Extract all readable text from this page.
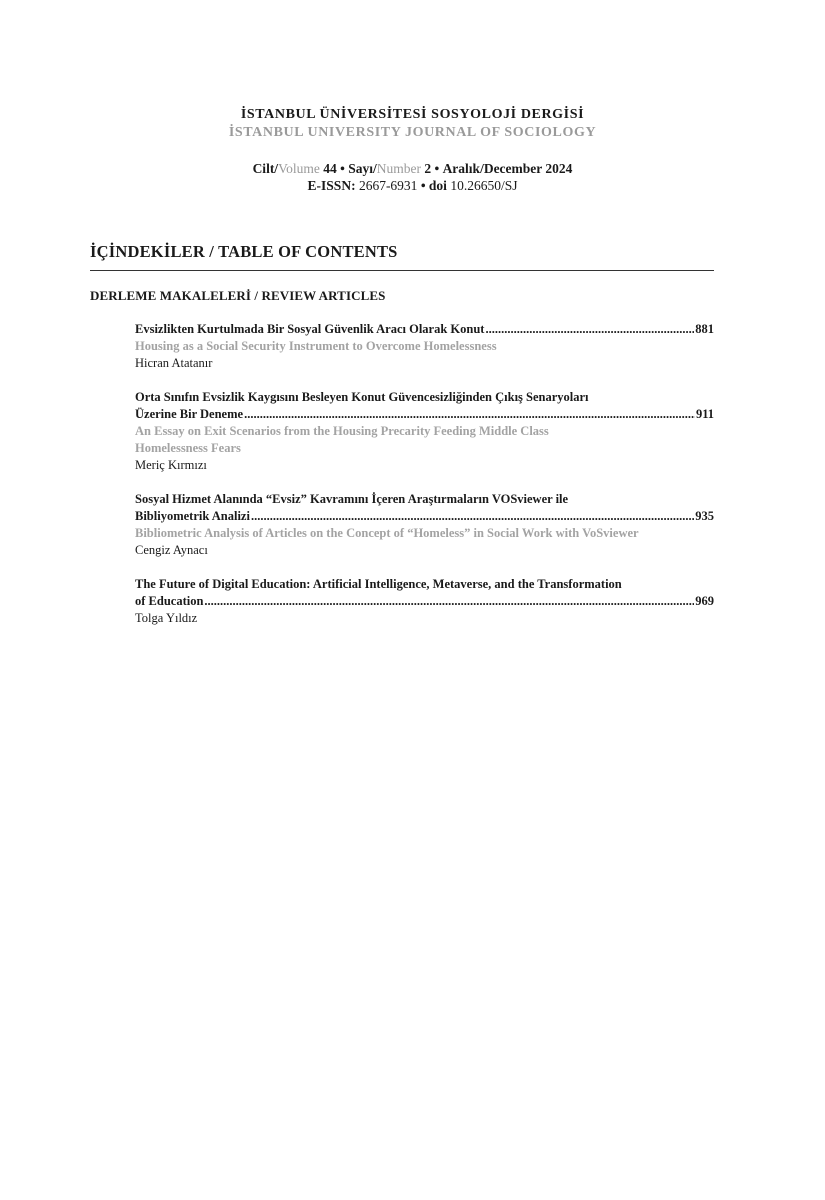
İSTANBUL ÜNİVERSİTESİ SOSYOLOJİ DERGİSİ
İSTANBUL UNIVERSITY JOURNAL OF SOCIOLOGY
Cilt/Volume 44 • Sayı/Number 2 • Aralık/December 2024
E-ISSN: 2667-6931 • doi 10.26650/SJ
İÇİNDEKİLER / TABLE OF CONTENTS
DERLEME MAKALELERİ / REVIEW ARTICLES
Evsizlikten Kurtulmada Bir Sosyal Güvenlik Aracı Olarak Konut .....	881
Housing as a Social Security Instrument to Overcome Homelessness
Hicran Atatanır
Orta Sınıfın Evsizlik Kaygısını Besleyen Konut Güvencesizliğinden Çıkış Senaryoları
Üzerine Bir Deneme .....	911
An Essay on Exit Scenarios from the Housing Precarity Feeding Middle Class
Homelessness Fears
Meriç Kırmızı
Sosyal Hizmet Alanında “Evsiz” Kavramını İçeren Araştırmaların VOSviewer ile
Bibliyometrik Analizi .....	935
Bibliometric Analysis of Articles on the Concept of “Homeless” in Social Work with VoSviewer
Cengiz Aynacı
The Future of Digital Education: Artificial Intelligence, Metaverse, and the Transformation
of Education .....	969
Tolga Yıldız
